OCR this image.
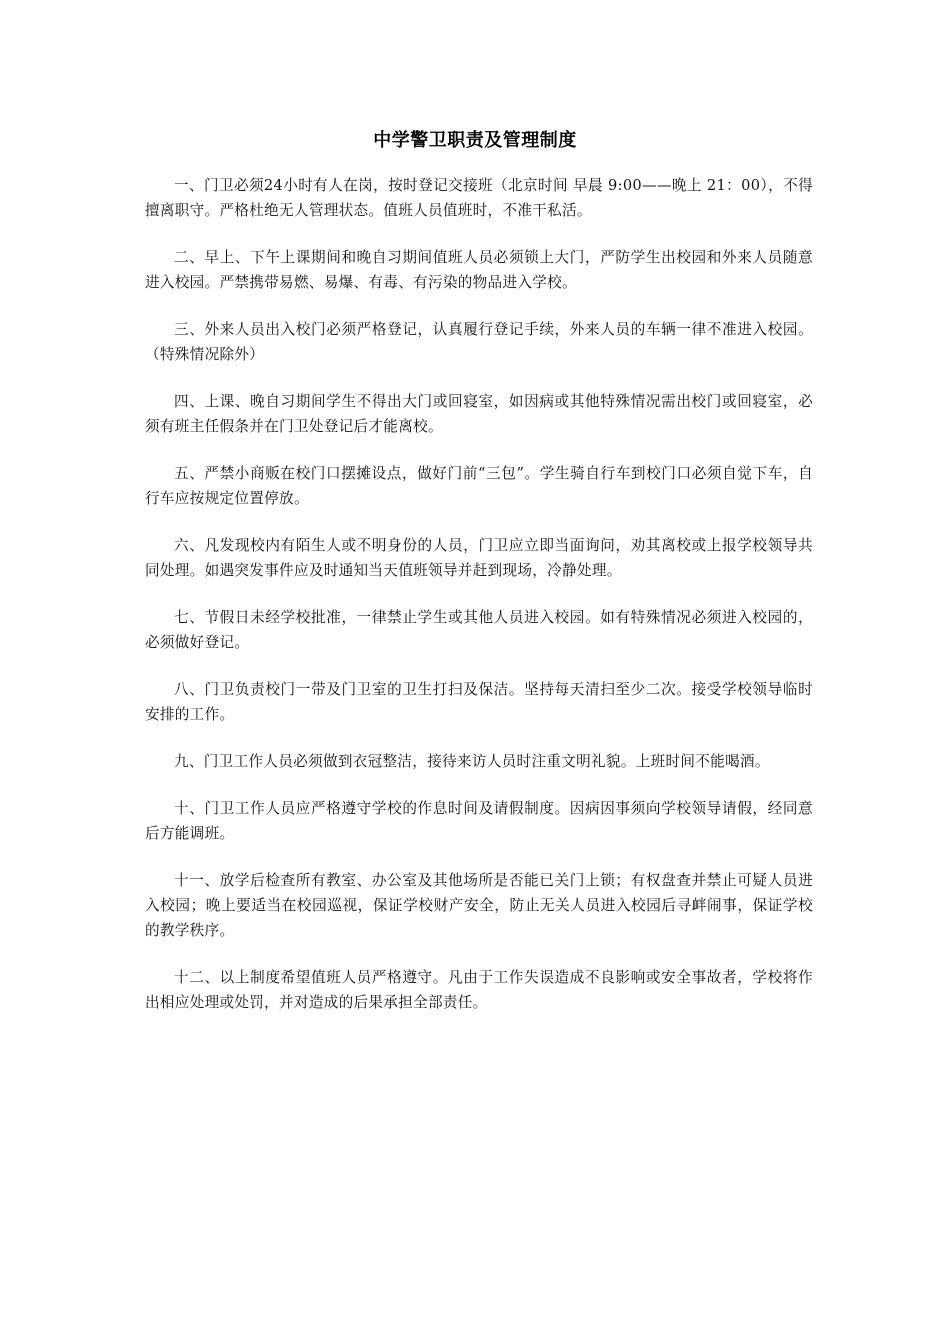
中学警卫职责及管理制度

一、门卫必须24小时有人在岗，按时登记交接班（北京时间 早晨 9:00——晚上 21：00），不得擅离职守。严格杜绝无人管理状态。值班人员值班时，不准干私活。

二、早上、下午上课期间和晚自习期间值班人员必须锁上大门，严防学生出校园和外来人员随意进入校园。严禁携带易燃、易爆、有毒、有污染的物品进入学校。

三、外来人员出入校门必须严格登记，认真履行登记手续，外来人员的车辆一律不准进入校园。（特殊情况除外）

四、上课、晚自习期间学生不得出大门或回寝室，如因病或其他特殊情况需出校门或回寝室，必须有班主任假条并在门卫处登记后才能离校。

五、严禁小商贩在校门口摆摊设点，做好门前“三包”。学生骑自行车到校门口必须自觉下车，自行车应按规定位置停放。

六、凡发现校内有陌生人或不明身份的人员，门卫应立即当面询问，劝其离校或上报学校领导共同处理。如遇突发事件应及时通知当天值班领导并赶到现场，冷静处理。

七、节假日未经学校批准，一律禁止学生或其他人员进入校园。如有特殊情况必须进入校园的，必须做好登记。

八、门卫负责校门一带及门卫室的卫生打扫及保洁。坚持每天清扫至少二次。接受学校领导临时安排的工作。

九、门卫工作人员必须做到衣冠整洁，接待来访人员时注重文明礼貌。上班时间不能喝酒。

十、门卫工作人员应严格遵守学校的作息时间及请假制度。因病因事须向学校领导请假，经同意后方能调班。

十一、放学后检查所有教室、办公室及其他场所是否能已关门上锁；有权盘查并禁止可疑人员进入校园；晚上要适当在校园巡视，保证学校财产安全，防止无关人员进入校园后寻衅闹事，保证学校的教学秩序。

十二、以上制度希望值班人员严格遵守。凡由于工作失误造成不良影响或安全事故者，学校将作出相应处理或处罚，并对造成的后果承担全部责任。
